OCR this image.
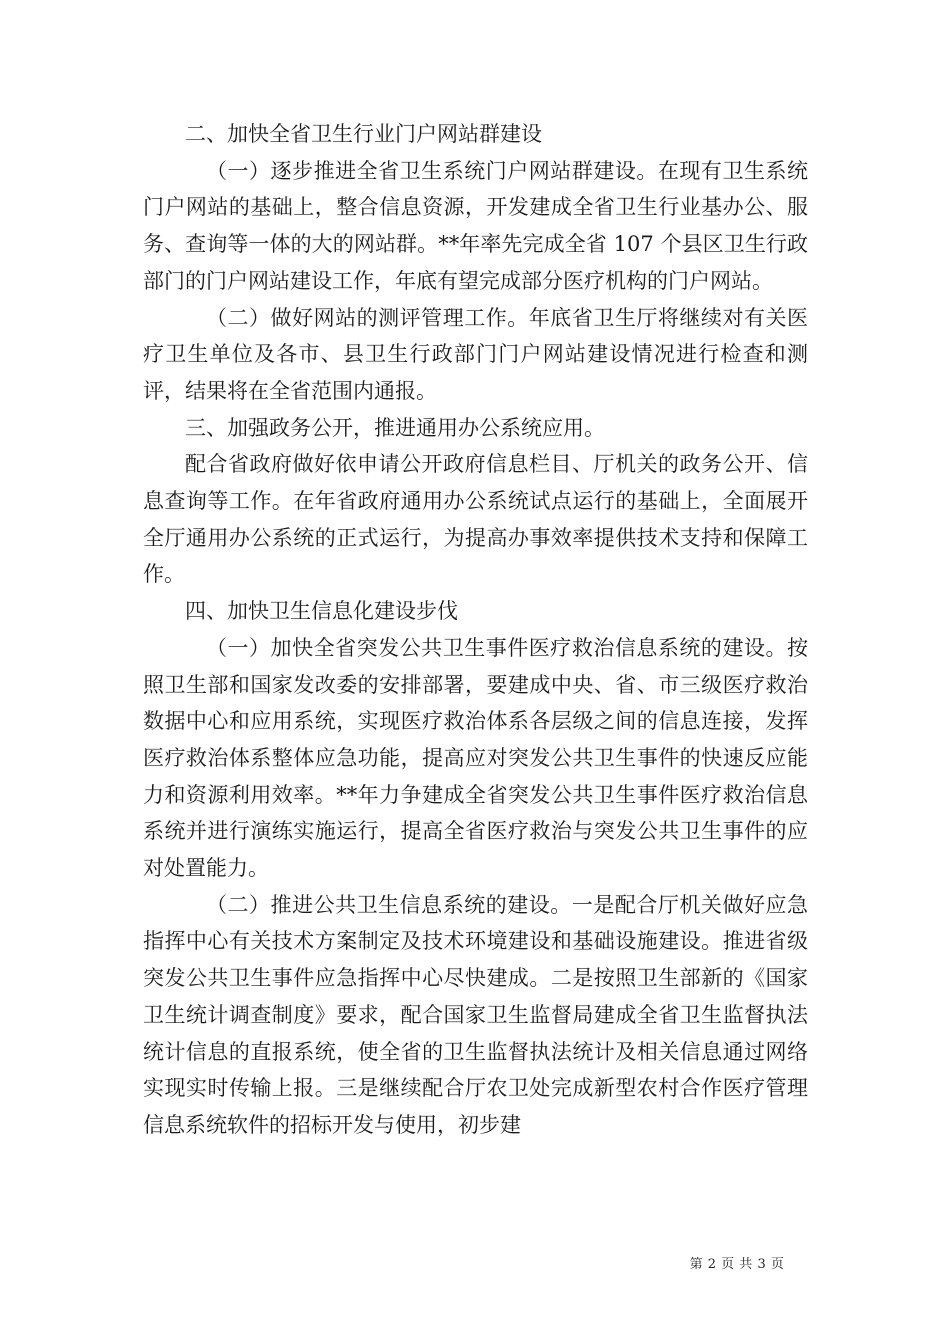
二、加快全省卫生行业门户网站群建设

（一）逐步推进全省卫生系统门户网站群建设。在现有卫生系统门户网站的基础上，整合信息资源，开发建成全省卫生行业基办公、服务、查询等一体的大的网站群。**年率先完成全省 107 个县区卫生行政部门的门户网站建设工作，年底有望完成部分医疗机构的门户网站。

（二）做好网站的测评管理工作。年底省卫生厅将继续对有关医疗卫生单位及各市、县卫生行政部门门户网站建设情况进行检查和测评，结果将在全省范围内通报。

三、加强政务公开，推进通用办公系统应用。

配合省政府做好依申请公开政府信息栏目、厅机关的政务公开、信息查询等工作。在年省政府通用办公系统试点运行的基础上，全面展开全厅通用办公系统的正式运行，为提高办事效率提供技术支持和保障工作。

四、加快卫生信息化建设步伐

（一）加快全省突发公共卫生事件医疗救治信息系统的建设。按照卫生部和国家发改委的安排部署，要建成中央、省、市三级医疗救治数据中心和应用系统，实现医疗救治体系各层级之间的信息连接，发挥医疗救治体系整体应急功能，提高应对突发公共卫生事件的快速反应能力和资源利用效率。**年力争建成全省突发公共卫生事件医疗救治信息系统并进行演练实施运行，提高全省医疗救治与突发公共卫生事件的应对处置能力。

（二）推进公共卫生信息系统的建设。一是配合厅机关做好应急指挥中心有关技术方案制定及技术环境建设和基础设施建设。推进省级突发公共卫生事件应急指挥中心尽快建成。二是按照卫生部新的《国家卫生统计调查制度》要求，配合国家卫生监督局建成全省卫生监督执法统计信息的直报系统，使全省的卫生监督执法统计及相关信息通过网络实现实时传输上报。三是继续配合厅农卫处完成新型农村合作医疗管理信息系统软件的招标开发与使用，初步建

第 2 页 共 3 页
